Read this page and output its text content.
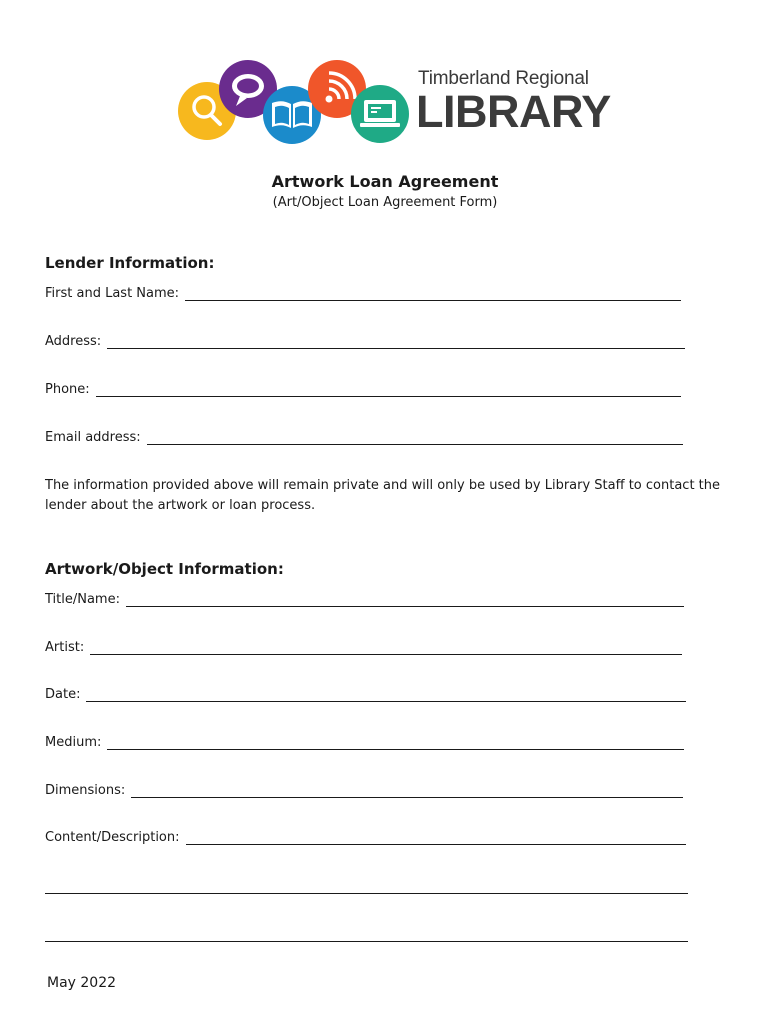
Timberland Regional
LIBRARY
Artwork Loan Agreement
(Art/Object Loan Agreement Form)
Lender Information:
First and Last Name:
Address:
Phone:
Email address:
The information provided above will remain private and will only be used by Library Staff to contact the lender about the artwork or loan process.
Artwork/Object Information:
Title/Name:
Artist:
Date:
Medium:
Dimensions:
Content/Description:
May 2022
